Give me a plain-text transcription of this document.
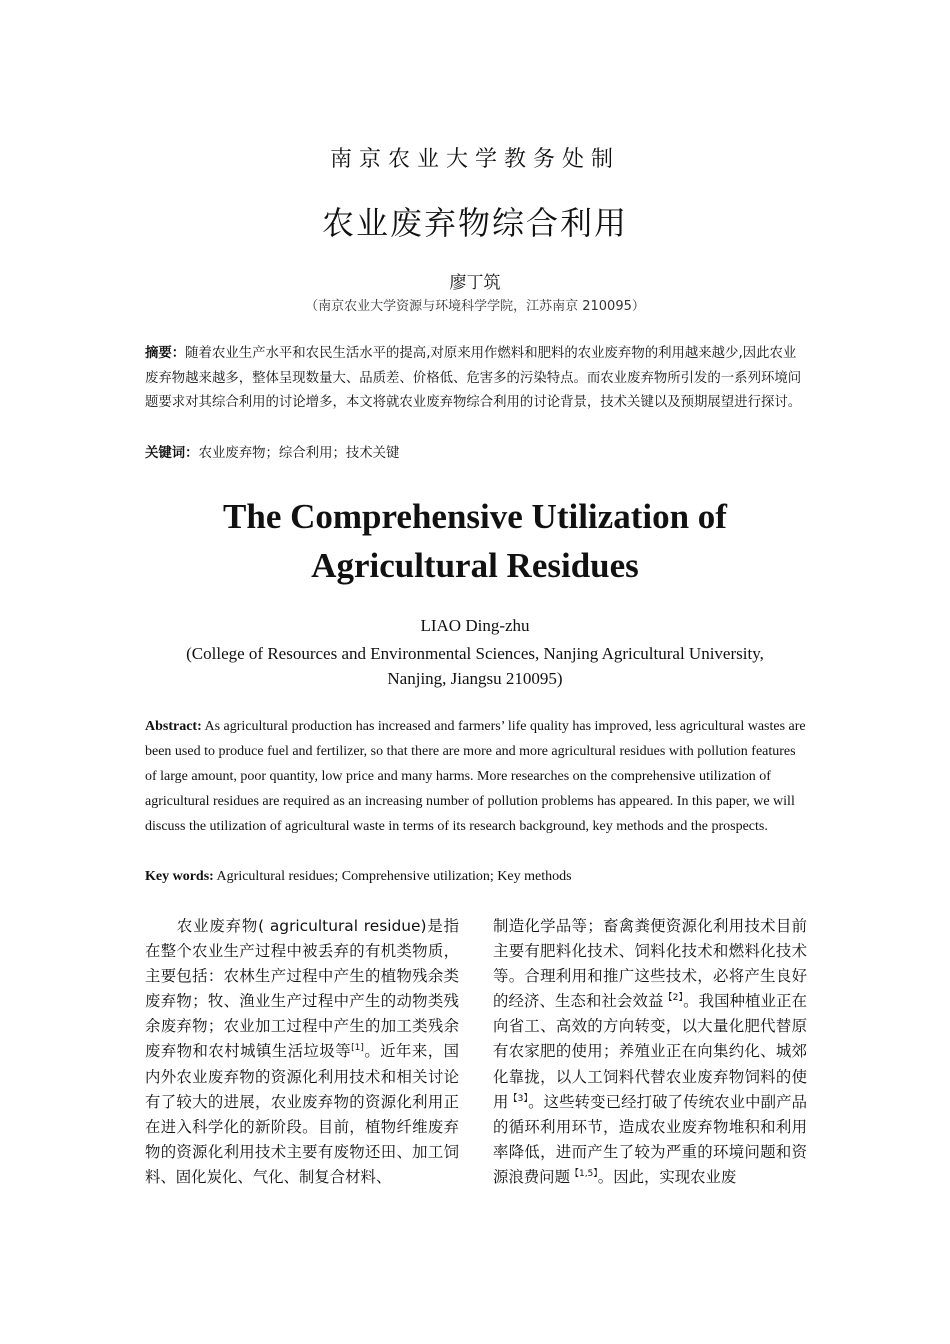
南京农业大学教务处制
农业废弃物综合利用
廖丁筑
（南京农业大学资源与环境科学学院，江苏南京 210095）
摘要：随着农业生产水平和农民生活水平的提高,对原来用作燃料和肥料的农业废弃物的利用越来越少,因此农业废弃物越来越多，整体呈现数量大、品质差、价格低、危害多的污染特点。而农业废弃物所引发的一系列环境问题要求对其综合利用的讨论增多，本文将就农业废弃物综合利用的讨论背景，技术关键以及预期展望进行探讨。
关键词：农业废弃物；综合利用；技术关键
The Comprehensive Utilization of
Agricultural Residues
LIAO Ding-zhu
(College of Resources and Environmental Sciences, Nanjing Agricultural University, Nanjing, Jiangsu 210095)
Abstract: As agricultural production has increased and farmers’ life quality has improved, less agricultural wastes are been used to produce fuel and fertilizer, so that there are more and more agricultural residues with pollution features of large amount, poor quantity, low price and many harms. More researches on the comprehensive utilization of agricultural residues are required as an increasing number of pollution problems has appeared. In this paper, we will discuss the utilization of agricultural waste in terms of its research background, key methods and the prospects.
Key words: Agricultural residues; Comprehensive utilization; Key methods
农业废弃物( agricultural residue)是指在整个农业生产过程中被丢弃的有机类物质，主要包括：农林生产过程中产生的植物残余类废弃物；牧、渔业生产过程中产生的动物类残余废弃物；农业加工过程中产生的加工类残余废弃物和农村城镇生活垃圾等[1]。近年来，国内外农业废弃物的资源化利用技术和相关讨论有了较大的进展，农业废弃物的资源化利用正在进入科学化的新阶段。目前，植物纤维废弃物的资源化利用技术主要有废物还田、加工饲料、固化炭化、气化、制复合材料、
制造化学品等；畜禽粪便资源化利用技术目前主要有肥料化技术、饲料化技术和燃料化技术等。合理利用和推广这些技术，必将产生良好的经济、生态和社会效益$^{【2】}$。我国种植业正在向省工、高效的方向转变，以大量化肥代替原有农家肥的使用；养殖业正在向集约化、城郊化靠拢，以人工饲料代替农业废弃物饲料的使用$^{【3】}$。这些转变已经打破了传统农业中副产品的循环利用环节，造成农业废弃物堆积和利用率降低，进而产生了较为严重的环境问题和资源浪费问题$^{【1,5】}$。因此，实现农业废
